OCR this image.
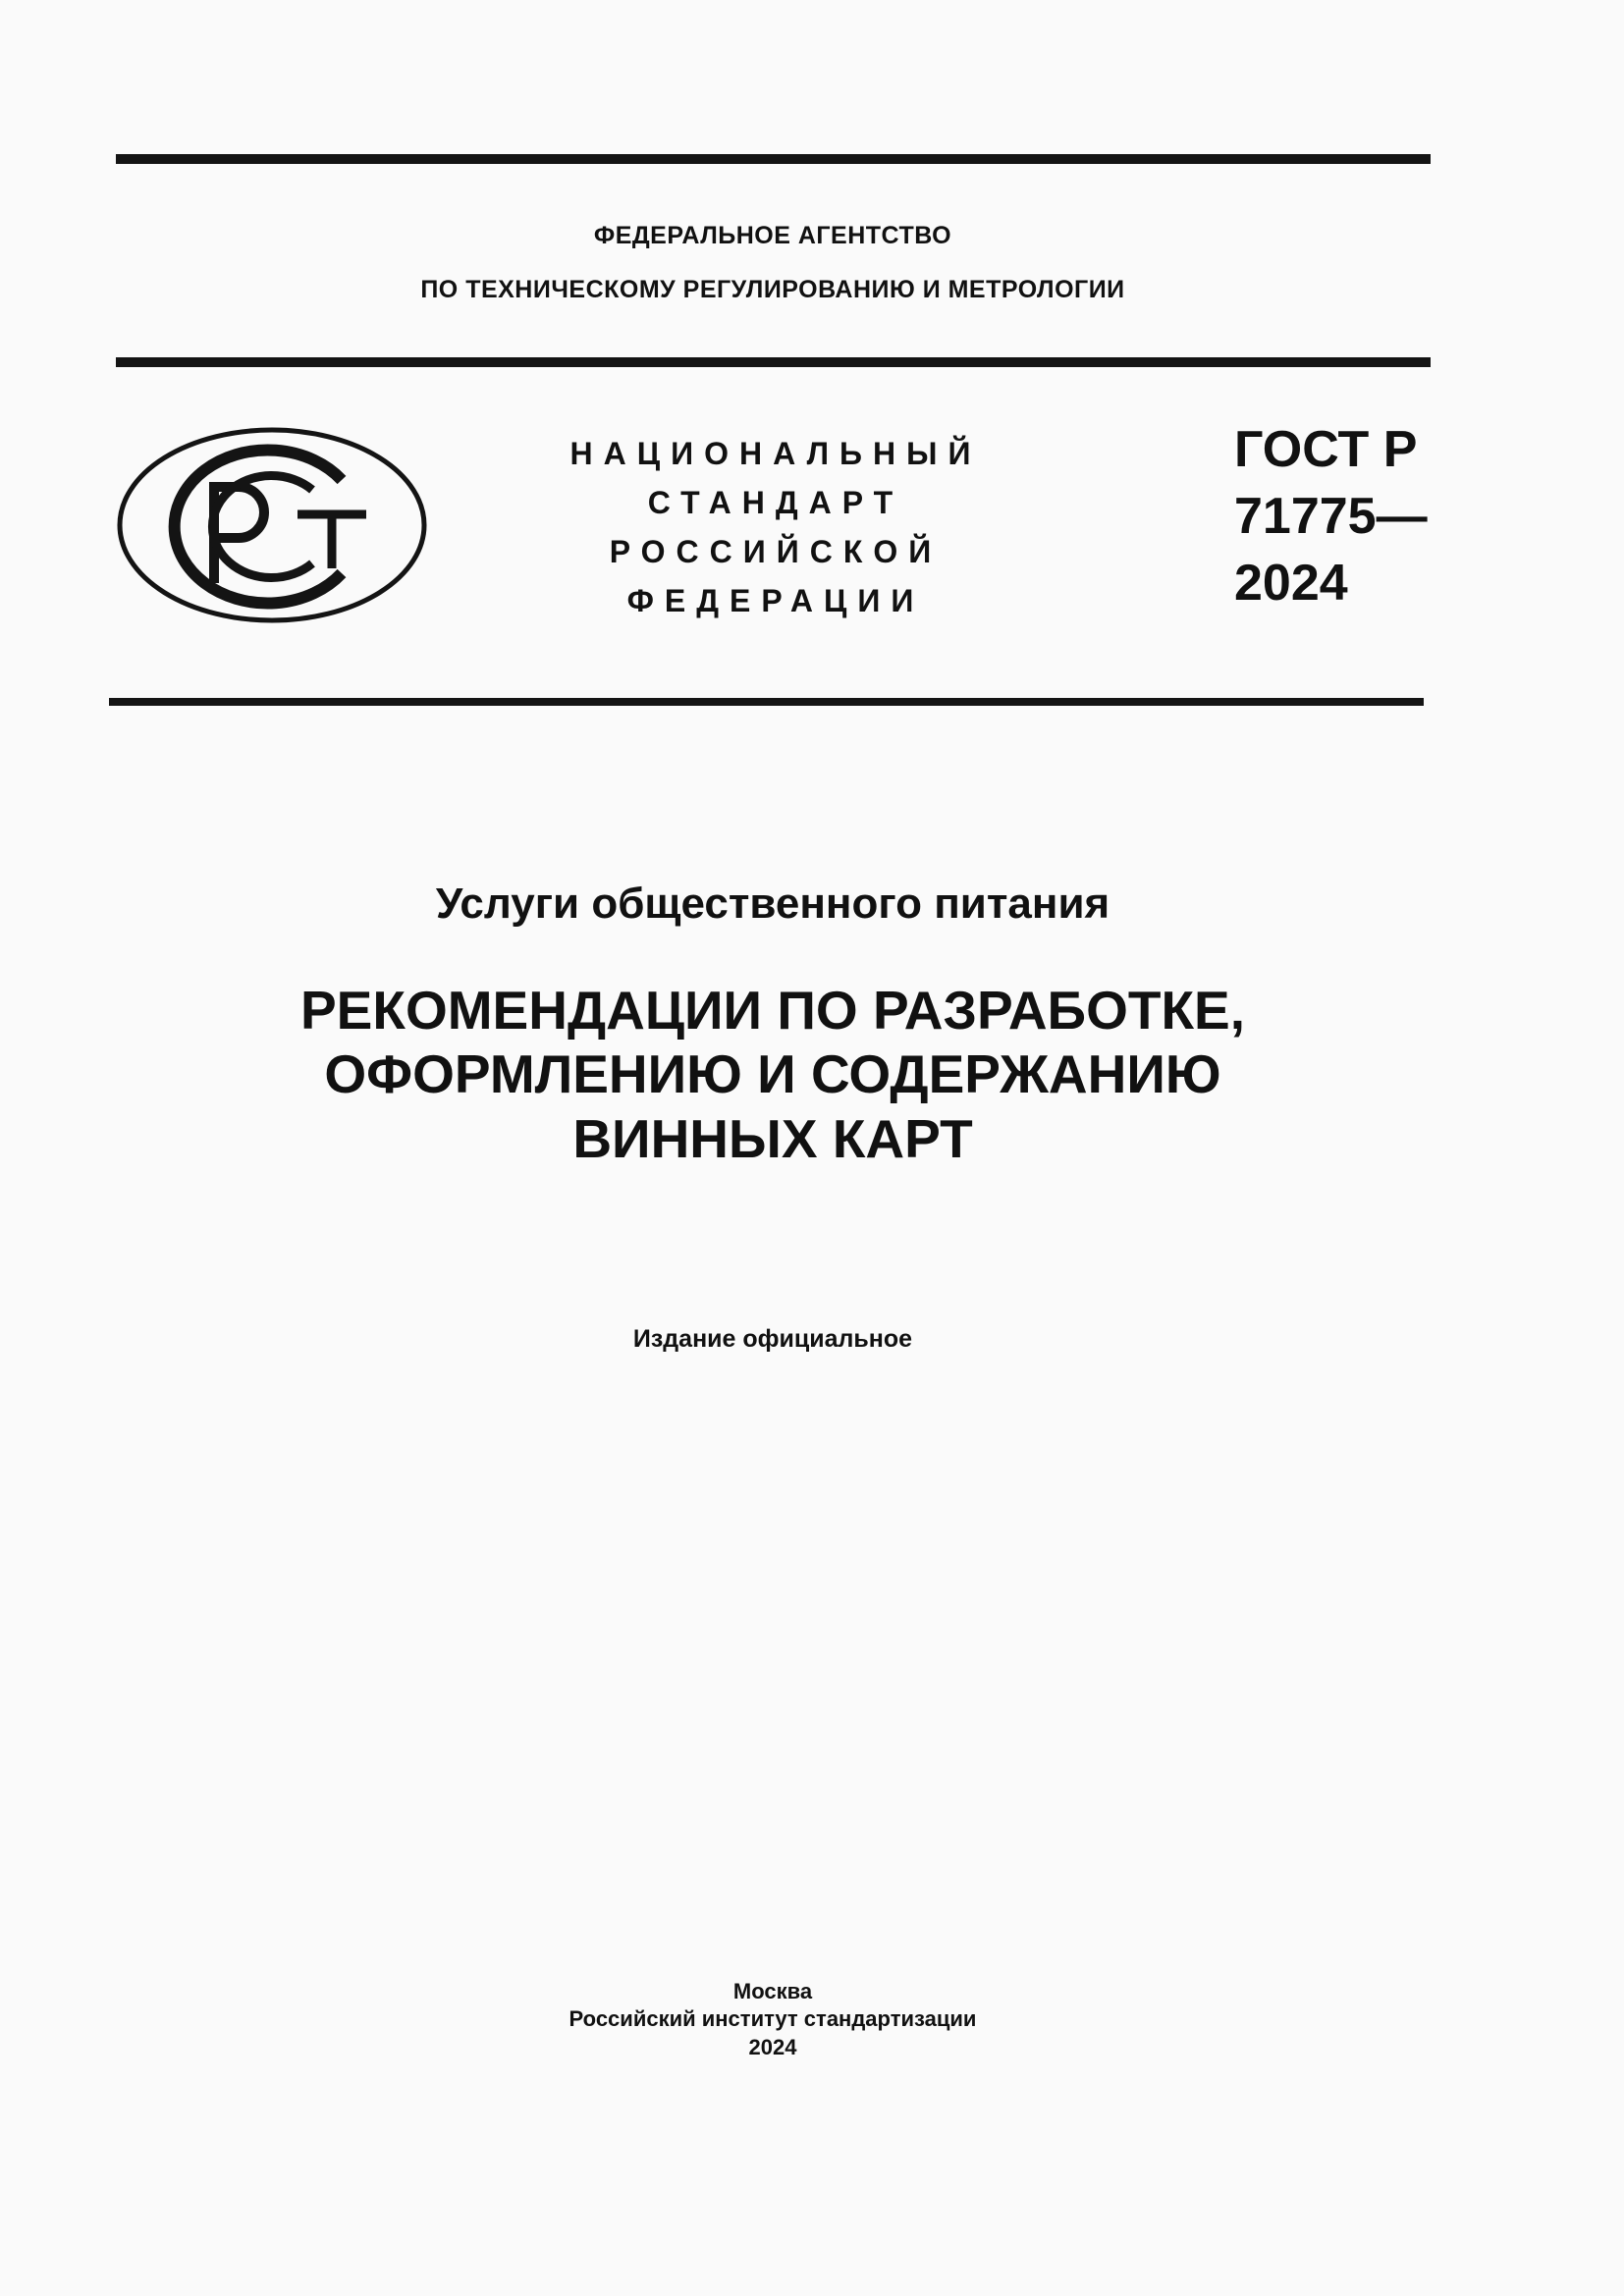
ФЕДЕРАЛЬНОЕ АГЕНТСТВО
ПО ТЕХНИЧЕСКОМУ РЕГУЛИРОВАНИЮ И МЕТРОЛОГИИ
НАЦИОНАЛЬНЫЙ
СТАНДАРТ
РОССИЙСКОЙ
ФЕДЕРАЦИИ
ГОСТ Р
71775—
2024
Услуги общественного питания
РЕКОМЕНДАЦИИ ПО РАЗРАБОТКЕ,
ОФОРМЛЕНИЮ И СОДЕРЖАНИЮ
ВИННЫХ КАРТ
Издание официальное
Москва
Российский институт стандартизации
2024
